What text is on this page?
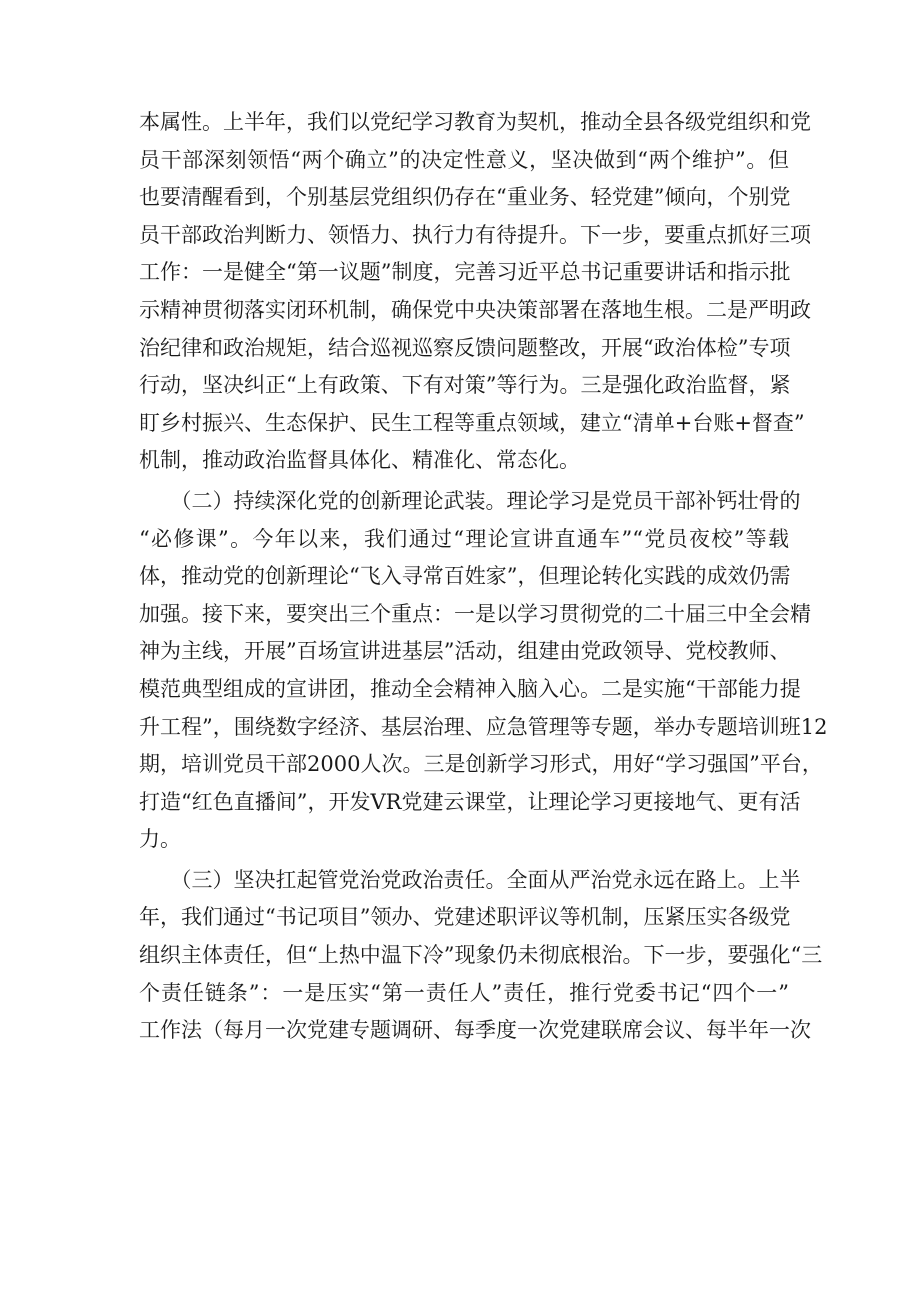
本属性。上半年，我们以党纪学习教育为契机，推动全县各级党组织和党
员干部深刻领悟“两个确立”的决定性意义，坚决做到“两个维护”。但
也要清醒看到，个别基层党组织仍存在“重业务、轻党建”倾向，个别党
员干部政治判断力、领悟力、执行力有待提升。下一步，要重点抓好三项
工作：一是健全“第一议题”制度，完善习近平总书记重要讲话和指示批
示精神贯彻落实闭环机制，确保党中央决策部署在落地生根。二是严明政
治纪律和政治规矩，结合巡视巡察反馈问题整改，开展“政治体检”专项
行动，坚决纠正“上有政策、下有对策”等行为。三是强化政治监督，紧
盯乡村振兴、生态保护、民生工程等重点领域，建立“清单+台账+督查”
机制，推动政治监督具体化、精准化、常态化。
　　（二）持续深化党的创新理论武装。理论学习是党员干部补钙壮骨的
“必修课”。今年以来，我们通过“理论宣讲直通车”“党员夜校”等载
体，推动党的创新理论“飞入寻常百姓家”，但理论转化实践的成效仍需
加强。接下来，要突出三个重点：一是以学习贯彻党的二十届三中全会精
神为主线，开展”百场宣讲进基层”活动，组建由党政领导、党校教师、
模范典型组成的宣讲团，推动全会精神入脑入心。二是实施“干部能力提
升工程”，围绕数字经济、基层治理、应急管理等专题，举办专题培训班12
期，培训党员干部2000人次。三是创新学习形式，用好“学习强国”平台，
打造“红色直播间”，开发VR党建云课堂，让理论学习更接地气、更有活
力。
　　（三）坚决扛起管党治党政治责任。全面从严治党永远在路上。上半
年，我们通过“书记项目”领办、党建述职评议等机制，压紧压实各级党
组织主体责任，但“上热中温下冷”现象仍未彻底根治。下一步，要强化“三
个责任链条”：一是压实“第一责任人”责任，推行党委书记“四个一”
工作法（每月一次党建专题调研、每季度一次党建联席会议、每半年一次
